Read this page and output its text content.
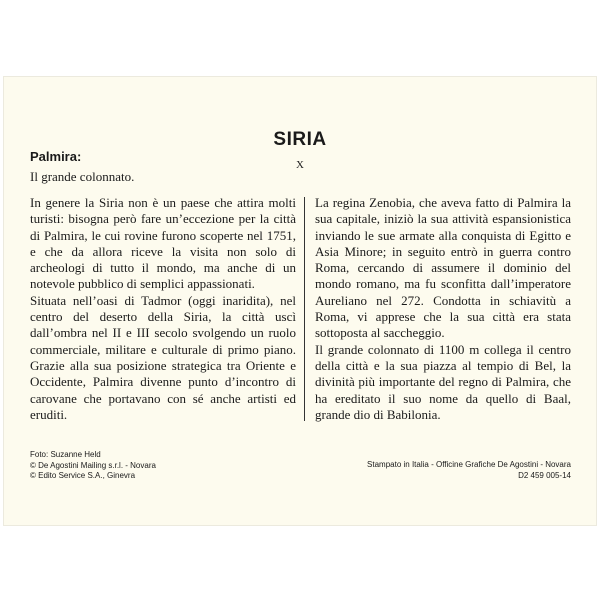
SIRIA
X
Palmira:
Il grande colonnato.

In genere la Siria non è un paese che attira molti turisti: bisogna però fare un’eccezione per la città di Palmira, le cui rovine furono scoperte nel 1751, e che da allora riceve la visita non solo di archeologi di tutto il mondo, ma anche di un notevole pubblico di semplici appassionati.

Situata nell’oasi di Tadmor (oggi inaridita), nel centro del deserto della Siria, la città uscì dall’ombra nel II e III secolo svolgendo un ruolo commerciale, militare e culturale di primo piano. Grazie alla sua posizione strategica tra Oriente e Occidente, Palmira divenne punto d’incontro di carovane che portavano con sé anche artisti ed eruditi.

La regina Zenobia, che aveva fatto di Palmira la sua capitale, iniziò la sua attività espansionistica inviando le sue armate alla conquista di Egitto e Asia Minore; in seguito entrò in guerra contro Roma, cercando di assumere il dominio del mondo romano, ma fu sconfitta dall’imperatore Aureliano nel 272. Condotta in schiavitù a Roma, vi apprese che la sua città era stata sottoposta al saccheggio.

Il grande colonnato di 1100 m collega il centro della città e la sua piazza al tempio di Bel, la divinità più importante del regno di Palmira, che ha ereditato il suo nome da quello di Baal, grande dio di Babilonia.

Foto: Suzanne Held
© De Agostini Mailing s.r.l. - Novara
© Edito Service S.A., Ginevra
Stampato in Italia - Officine Grafiche De Agostini - Novara
D2 459 005-14
